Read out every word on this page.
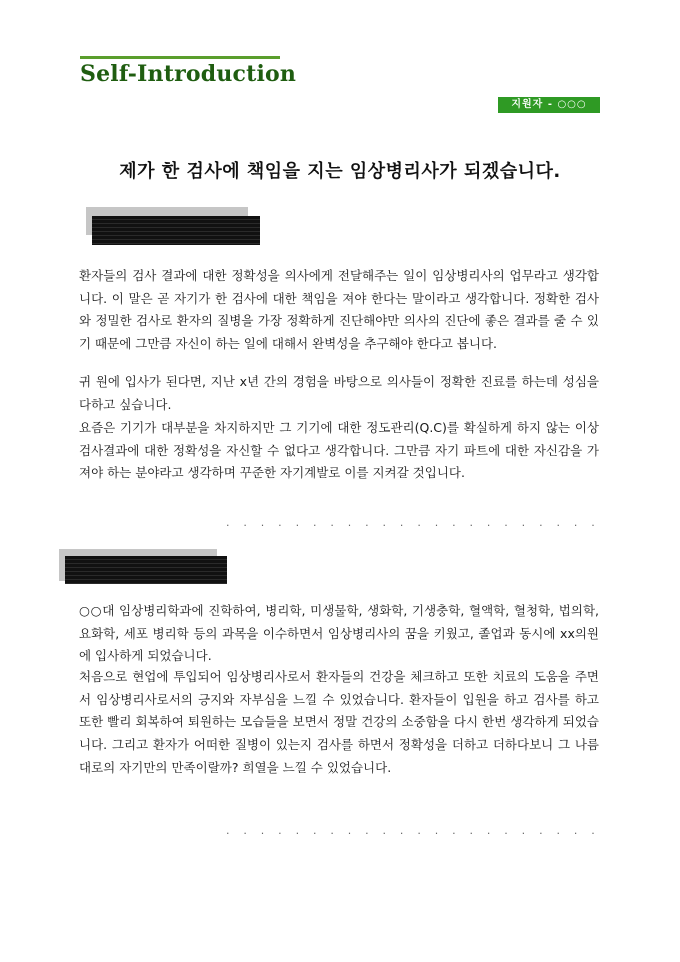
Self-Introduction
지원자 - ○○○
제가 한 검사에 책임을 지는 임상병리사가 되겠습니다.

환자들의 검사 결과에 대한 정확성을 의사에게 전달해주는 일이 임상병리사의 업무라고 생각합니다. 이 말은 곧 자기가 한 검사에 대한 책임을 져야 한다는 말이라고 생각합니다. 정확한 검사와 정밀한 검사로 환자의 질병을 가장 정확하게 진단해야만 의사의 진단에 좋은 결과를 줄 수 있기 때문에 그만큼 자신이 하는 일에 대해서 완벽성을 추구해야 한다고 봅니다.

귀 원에 입사가 된다면, 지난 x년 간의 경험을 바탕으로 의사들이 정확한 진료를 하는데 성심을 다하고 싶습니다.

요즘은 기기가 대부분을 차지하지만 그 기기에 대한 정도관리(Q.C)를 확실하게 하지 않는 이상 검사결과에 대한 정확성을 자신할 수 없다고 생각합니다. 그만큼 자기 파트에 대한 자신감을 가져야 하는 분야라고 생각하며 꾸준한 자기계발로 이를 지켜갈 것입니다.

. . . . . . . . . . . . . . . . . . . . . .

○○대 임상병리학과에 진학하여, 병리학, 미생물학, 생화학, 기생충학, 혈액학, 혈청학, 법의학, 요화학, 세포 병리학 등의 과목을 이수하면서 임상병리사의 꿈을 키웠고, 졸업과 동시에 xx의원에 입사하게 되었습니다.

처음으로 현업에 투입되어 임상병리사로서 환자들의 건강을 체크하고 또한 치료의 도움을 주면서 임상병리사로서의 긍지와 자부심을 느낄 수 있었습니다. 환자들이 입원을 하고 검사를 하고 또한 빨리 회복하여 퇴원하는 모습들을 보면서 정말 건강의 소중함을 다시 한번 생각하게 되었습니다. 그리고 환자가 어떠한 질병이 있는지 검사를 하면서 정확성을 더하고 더하다보니 그 나름대로의 자기만의 만족이랄까? 희열을 느낄 수 있었습니다.

. . . . . . . . . . . . . . . . . . . . . .
